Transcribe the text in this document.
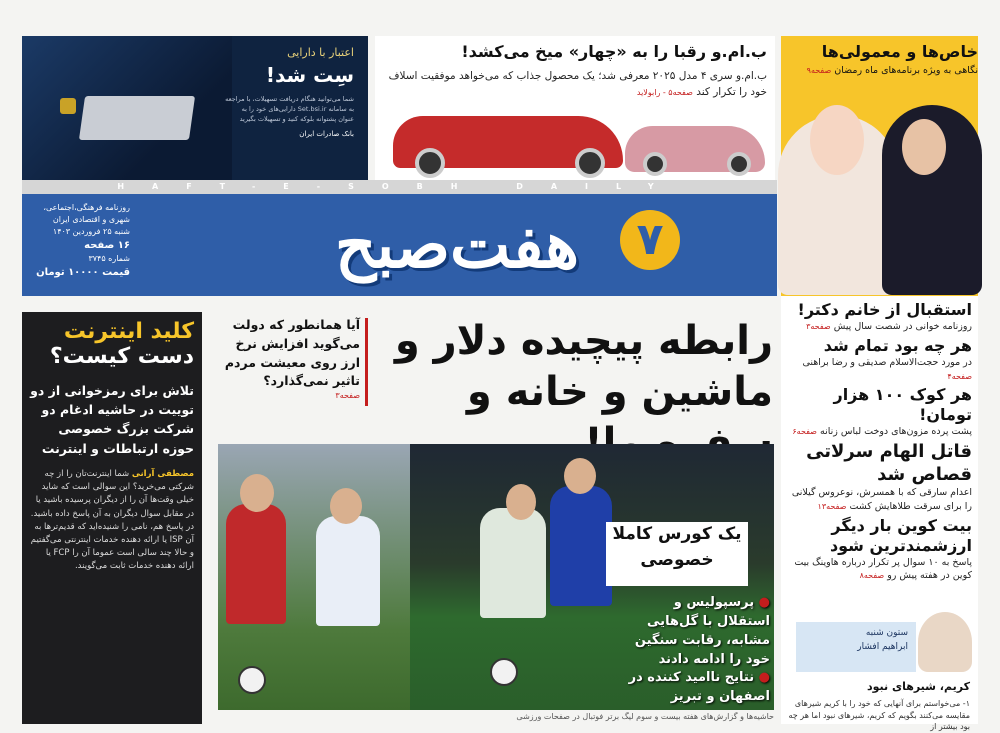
اعتبار با دارایی
سِت شد!
شما می‌توانید هنگام دریافت تسهیلات، با مراجعه به سامانه Set.bsi.ir دارایی‌های خود را به عنوان پشتوانه بلوکه کنید و تسهیلات بگیرید
بانک صادرات ایران
ب.ام.و رقبا را به «چهار» میخ می‌کشد!
ب.ام.و سری ۴ مدل ۲۰۲۵ معرفی شد؛ یک محصول جذاب که می‌خواهد موفقیت اسلاف خود را تکرار کند صفحه۵ - رابولاید
خاص‌ها و معمولی‌ها
نگاهی به ویژه برنامه‌های ماه رمضان صفحه۹
استقبال از خانم دکتر!
روزنامه خوانی در شصت سال پیش صفحه۳
هر چه بود تمام شد
در مورد حجت‌الاسلام صدیقی و رضا براهنی صفحه۴
هر کوک ۱۰۰ هزار تومان!
پشت پرده مزون‌های دوخت لباس زنانه صفحه۶
قاتل الهام سرلاتی قصاص شد
اعدام سارقی که با همسرش، نوعروس گیلانی را برای سرقت طلاهایش کشت صفحه۱۳
بیت کوین بار دیگر ارزشمندترین شود
پاسخ به ۱۰ سوال پر تکرار درباره هاوینگ بیت کوین در هفته پیش رو صفحه۸
ستون شنبه
ابراهیم افشار
کریم، شیرهای نبود
۱- می‌خواستم برای آنهایی که خود را با کریم شیرهای مقایسه می‌کنند بگویم که کریم، شیرهای نبود اما هر چه بود بیشتر از
HAFT-E-SOBH DAILY
هفت‌صبح	۷
روزنامه فرهنگی،اجتماعی،
شهری و اقتصادی ایران
شنبه ۲۵ فروردین ۱۴۰۳
۱۶ صفحه
شماره ۳۷۴۵
قیمت ۱۰۰۰۰ تومان
کلید اینترنت
دست کیست؟
تلاش برای رمزخوانی از دو توییت در حاشیه ادغام دو شرکت بزرگ خصوصی حوزه ارتباطات و اینترنت
مصطفی آرانی شما اینترنت‌تان را از چه شرکتی می‌خرید؟ این سوالی است که شاید خیلی وقت‌ها آن را از دیگران پرسیده باشید یا در مقابل سوال دیگران به آن پاسخ داده باشید. در پاسخ هم، نامی را شنیده‌اید که قدیم‌ترها به آن ISP یا ارائه دهنده خدمات اینترنتی می‌گفتیم و حالا چند سالی است عموما آن را FCP یا ارائه دهنده خدمات ثابت می‌گویند.
آیا همانطور که دولت می‌گوید افزایش نرخ ارز روی معیشت مردم تاثیر نمی‌گذارد؟
صفحه۳
رابطه پیچیده دلار و
ماشین و خانه و
یک کورس کاملا خصوصی
● پرسپولیس و استقلال با گل‌هایی مشابه، رقابت سنگین خود را ادامه دادند
● نتایج ناامید کننده در اصفهان و تبریز
حاشیه‌ها و گزارش‌های هفته بیست و سوم لیگ برتر فوتبال در صفحات ورزشی
